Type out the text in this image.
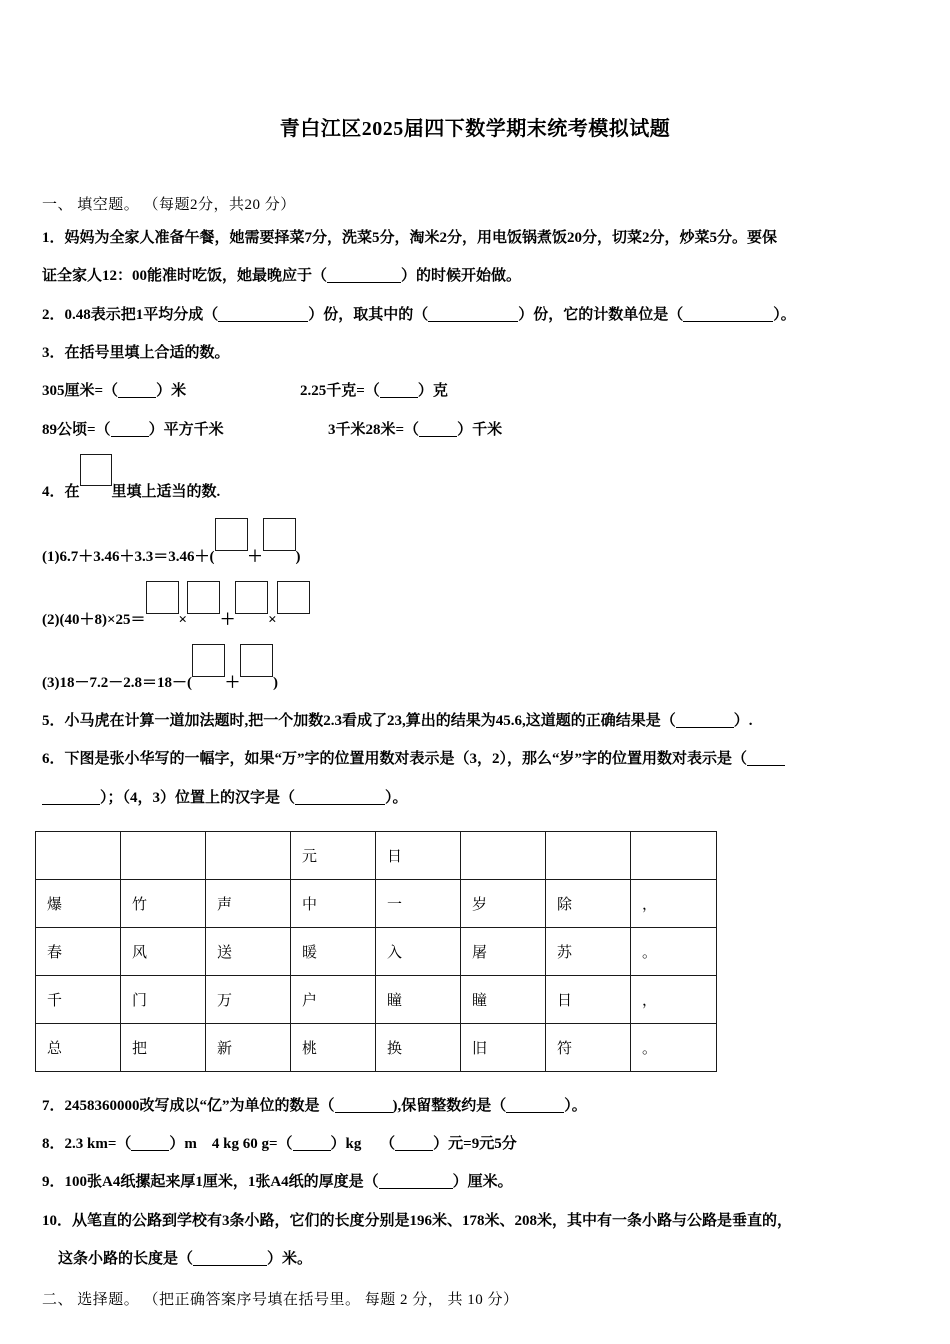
青白江区2025届四下数学期末统考模拟试题
一、 填空题。 （每题2分，共20 分）
1．妈妈为全家人准备午餐，她需要择菜7分，洗菜5分，淘米2分，用电饭锅煮饭20分，切菜2分，炒菜5分。要保
证全家人12：00能准时吃饭，她最晚应于（	）的时候开始做。
2．0.48表示把1平均分成（	）份，取其中的（	）份，它的计数单位是（	）。
3．在括号里填上合适的数。
305厘米=（	）米	2.25千克=（	）克
89公顷=（	）平方千米	3千米28米=（	）千米
4．在 里填上适当的数.
(1)6.7＋3.46＋3.3＝3.46＋( ＋ )
(2)(40＋8)×25＝ × ＋ ×
(3)18－7.2－2.8＝18－( ＋ )
5．小马虎在计算一道加法题时,把一个加数2.3看成了23,算出的结果为45.6,这道题的正确结果是（	）.
6．下图是张小华写的一幅字，如果“万”字的位置用数对表示是（3，2），那么“岁”字的位置用数对表示是（
）；（4，3）位置上的汉字是（	）。
			元	日			
爆	竹	声	中	一	岁	除	，
春	风	送	暖	入	屠	苏	。
千	门	万	户	瞳	瞳	日	，
总	把	新	桃	换	旧	符	。
7．2458360000改写成以“亿”为单位的数是（	),保留整数约是（	）。
8．2.3 km=（	）m 4 kg 60 g=（	）kg （	）元=9元5分
9．100张A4纸摞起来厚1厘米，1张A4纸的厚度是（	）厘米。
10．从笔直的公路到学校有3条小路，它们的长度分别是196米、178米、208米，其中有一条小路与公路是垂直的，
这条小路的长度是（	）米。
二、 选择题。 （把正确答案序号填在括号里。 每题 2 分， 共 10 分）
